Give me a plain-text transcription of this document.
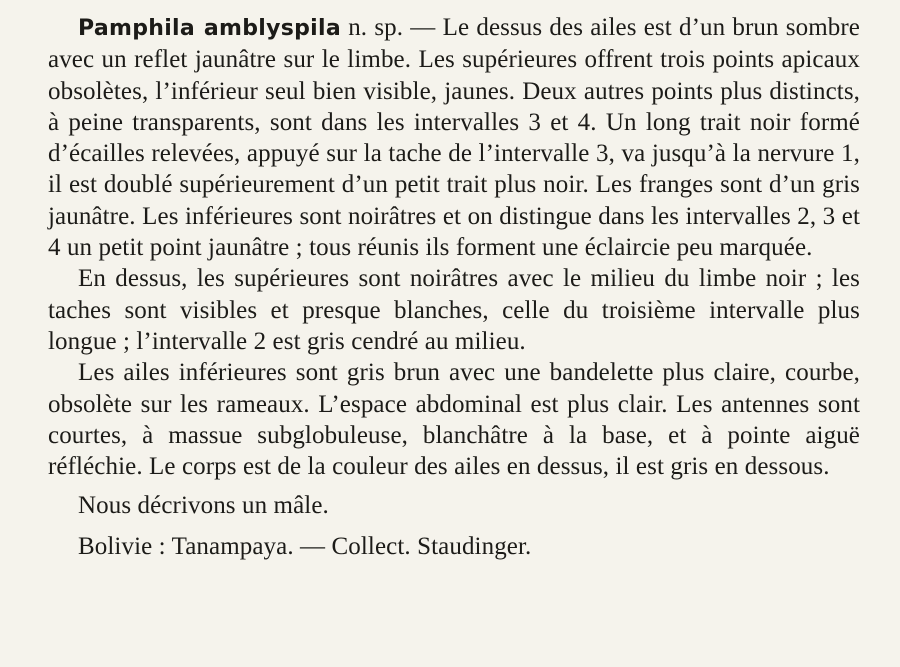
Pamphila amblyspila n. sp. — Le dessus des ailes est d’un brun sombre avec un reflet jaunâtre sur le limbe. Les supérieures offrent trois points apicaux obsolètes, l’inférieur seul bien visible, jaunes. Deux autres points plus distincts, à peine transparents, sont dans les intervalles 3 et 4. Un long trait noir formé d’écailles relevées, appuyé sur la tache de l’intervalle 3, va jusqu’à la nervure 1, il est doublé supérieurement d’un petit trait plus noir. Les franges sont d’un gris jaunâtre. Les inférieures sont noirâtres et on distingue dans les intervalles 2, 3 et 4 un petit point jaunâtre ; tous réunis ils forment une éclaircie peu marquée.

En dessus, les supérieures sont noirâtres avec le milieu du limbe noir ; les taches sont visibles et presque blanches, celle du troisième intervalle plus longue ; l’intervalle 2 est gris cendré au milieu.

Les ailes inférieures sont gris brun avec une bandelette plus claire, courbe, obsolète sur les rameaux. L’espace abdominal est plus clair. Les antennes sont courtes, à massue subglobuleuse, blanchâtre à la base, et à pointe aiguë réfléchie. Le corps est de la couleur des ailes en dessus, il est gris en dessous.

Nous décrivons un mâle.

Bolivie : Tanampaya. — Collect. Staudinger.
